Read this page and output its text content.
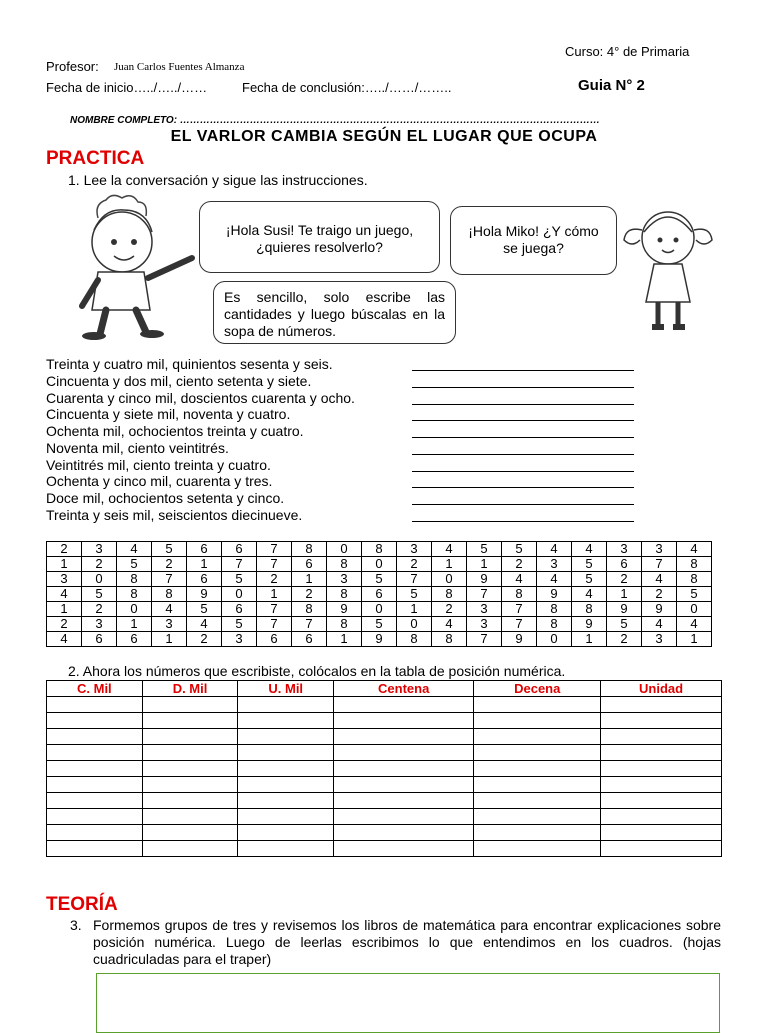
Curso: 4° de Primaria
Profesor: Juan Carlos Fuentes Almanza
Fecha de inicio…../…../……	Fecha de conclusión:…../……/……..	Guia N° 2
NOMBRE COMPLETO: ………………………………………………………………………………………………………………
EL VARLOR CAMBIA SEGÚN EL LUGAR QUE OCUPA
PRACTICA
1. Lee la conversación y sigue las instrucciones.
¡Hola Susi! Te traigo un juego, ¿quieres resolverlo?
¡Hola Miko! ¿Y cómo se juega?
Es sencillo, solo escribe las cantidades y luego búscalas en la sopa de números.
Treinta y cuatro mil, quinientos sesenta y seis.
Cincuenta y dos mil, ciento setenta y siete.
Cuarenta y cinco mil, doscientos cuarenta y ocho.
Cincuenta y siete mil, noventa y cuatro.
Ochenta mil, ochocientos treinta y cuatro.
Noventa mil, ciento veintitrés.
Veintitrés mil, ciento treinta y cuatro.
Ochenta y cinco mil, cuarenta y tres.
Doce mil, ochocientos setenta y cinco.
Treinta y seis mil, seiscientos diecinueve.
2	3	4	5	6	6	7	8	0	8	3	4	5	5	4	4	3	3	4
1	2	5	2	1	7	7	6	8	0	2	1	1	2	3	5	6	7	8
3	0	8	7	6	5	2	1	3	5	7	0	9	4	4	5	2	4	8
4	5	8	8	9	0	1	2	8	6	5	8	7	8	9	4	1	2	5
1	2	0	4	5	6	7	8	9	0	1	2	3	7	8	8	9	9	0
2	3	1	3	4	5	7	7	8	5	0	4	3	7	8	9	5	4	4
4	6	6	1	2	3	6	6	1	9	8	8	7	9	0	1	2	3	1
2. Ahora los números que escribiste, colócalos en la tabla de posición numérica.
C. Mil	D. Mil	U. Mil	Centena	Decena	Unidad

TEORÍA
3. Formemos grupos de tres y revisemos los libros de matemática para encontrar explicaciones sobre posición numérica. Luego de leerlas escribimos lo que entendimos en los cuadros. (hojas cuadriculadas para el traper)
